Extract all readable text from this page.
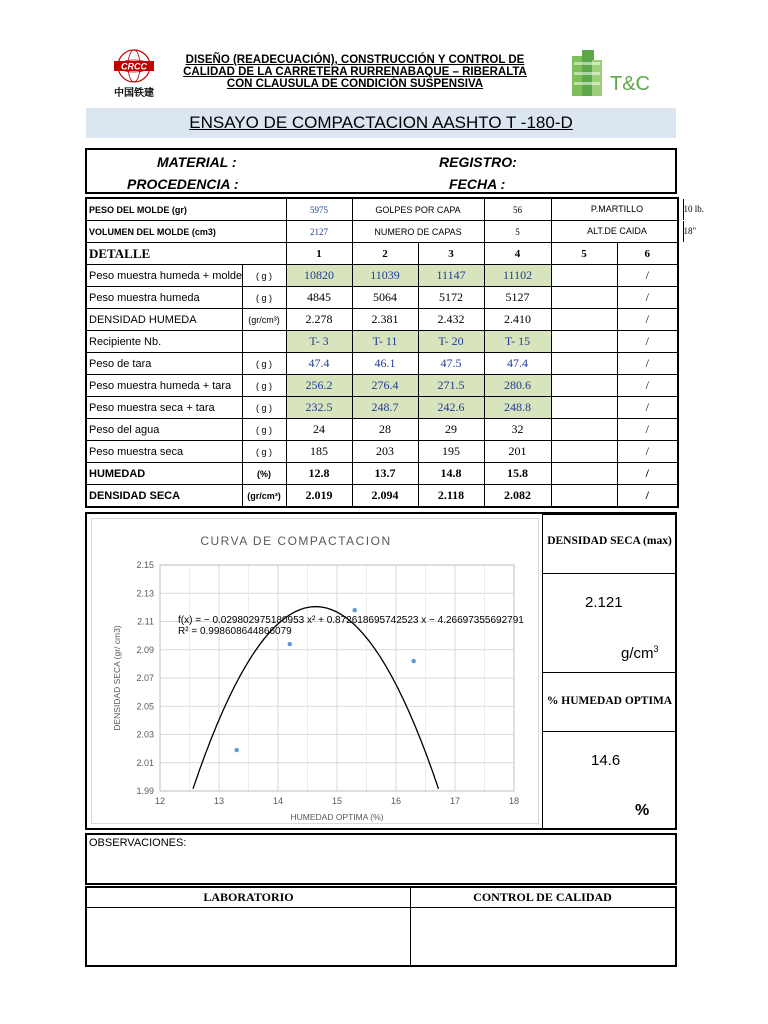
CRCC
中国铁建
DISEÑO (READECUACIÓN), CONSTRUCCIÓN Y CONTROL DE
CALIDAD DE LA CARRETERA RURRENABAQUE – RIBERALTA
CON CLAUSULA DE CONDICIÓN SUSPENSIVA	T&C
ENSAYO DE COMPACTACION AASHTO T -180-D
MATERIAL :
PROCEDENCIA :
REGISTRO:
FECHA :
PESO DEL MOLDE (gr)		5975	GOLPES POR CAPA		56	P.MARTILLO 10 lb.	

VOLUMEN DEL MOLDE (cm3)		2127	NUMERO DE CAPAS		5	ALT.DE CAIDA 18"	

DETALLE		1	2	3	4	5	6
Peso muestra humeda + molde	( g )	10820	11039	11147	11102		/
Peso muestra humeda	( g )	4845	5064	5172	5127		/
DENSIDAD HUMEDA	(gr/cm³)	2.278	2.381	2.432	2.410		/
Recipiente Nb.		T- 3	T- 11	T- 20	T- 15		/
Peso de tara	( g )	47.4	46.1	47.5	47.4		/
Peso muestra humeda + tara	( g )	256.2	276.4	271.5	280.6		/
Peso muestra seca + tara	( g )	232.5	248.7	242.6	248.8		/
Peso del agua	( g )	24	28	29	32		/
Peso muestra seca	( g )	185	203	195	201		/
HUMEDAD	(%)	12.8	13.7	14.8	15.8		/
DENSIDAD SECA	(gr/cm³)	2.019	2.094	2.118	2.082		/
1.99
2.01
2.03
2.05
2.07
2.09
2.11
2.13
2.15
12	13	14	15	16	17	18
CURVA DE COMPACTACION
HUMEDAD OPTIMA (%)
DENSIDAD SECA (gr/ cm3)
f(x) = − 0.029802975180953 x² + 0.872618695742523 x − 4.26697355692791
R² = 0.998608644866079
DENSIDAD SECA (max)
2.121
$g/cm^3$
% HUMEDAD OPTIMA
14.6
%
OBSERVACIONES:
LABORATORIO	CONTROL DE CALIDAD
